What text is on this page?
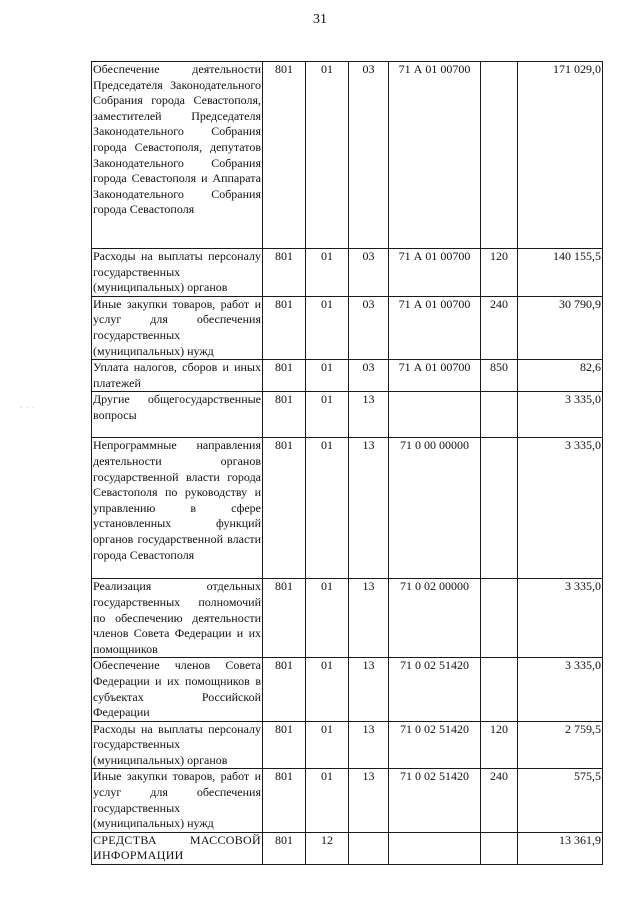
31
· · ·
Обеспечение деятельности Председателя Законодательного Собрания города Севастополя, заместителей Председателя Законодательного Собрания города Севастополя, депутатов Законодательного Собрания города Севастополя и Аппарата Законодательного Собрания города Севастополя	801	01	03	71 А 01 00700		171 029,0
Расходы на выплаты персоналу государственных (муниципальных) органов	801	01	03	71 А 01 00700	120	140 155,5
Иные закупки товаров, работ и услуг для обеспечения государственных (муниципальных) нужд	801	01	03	71 А 01 00700	240	30 790,9
Уплата налогов, сборов и иных платежей	801	01	03	71 А 01 00700	850	82,6
Другие общегосударственные вопросы	801	01	13			3 335,0
Непрограммные направления деятельности органов государственной власти города Севастополя по руководству и управлению в сфере установленных функций органов государственной власти города Севастополя	801	01	13	71 0 00 00000		3 335,0
Реализация отдельных государственных полномочий по обеспечению деятельности членов Совета Федерации и их помощников	801	01	13	71 0 02 00000		3 335,0
Обеспечение членов Совета Федерации и их помощников в субъектах Российской Федерации	801	01	13	71 0 02 51420		3 335,0
Расходы на выплаты персоналу государственных (муниципальных) органов	801	01	13	71 0 02 51420	120	2 759,5
Иные закупки товаров, работ и услуг для обеспечения государственных (муниципальных) нужд	801	01	13	71 0 02 51420	240	575,5
СРЕДСТВА МАССОВОЙ ИНФОРМАЦИИ	801	12				13 361,9
